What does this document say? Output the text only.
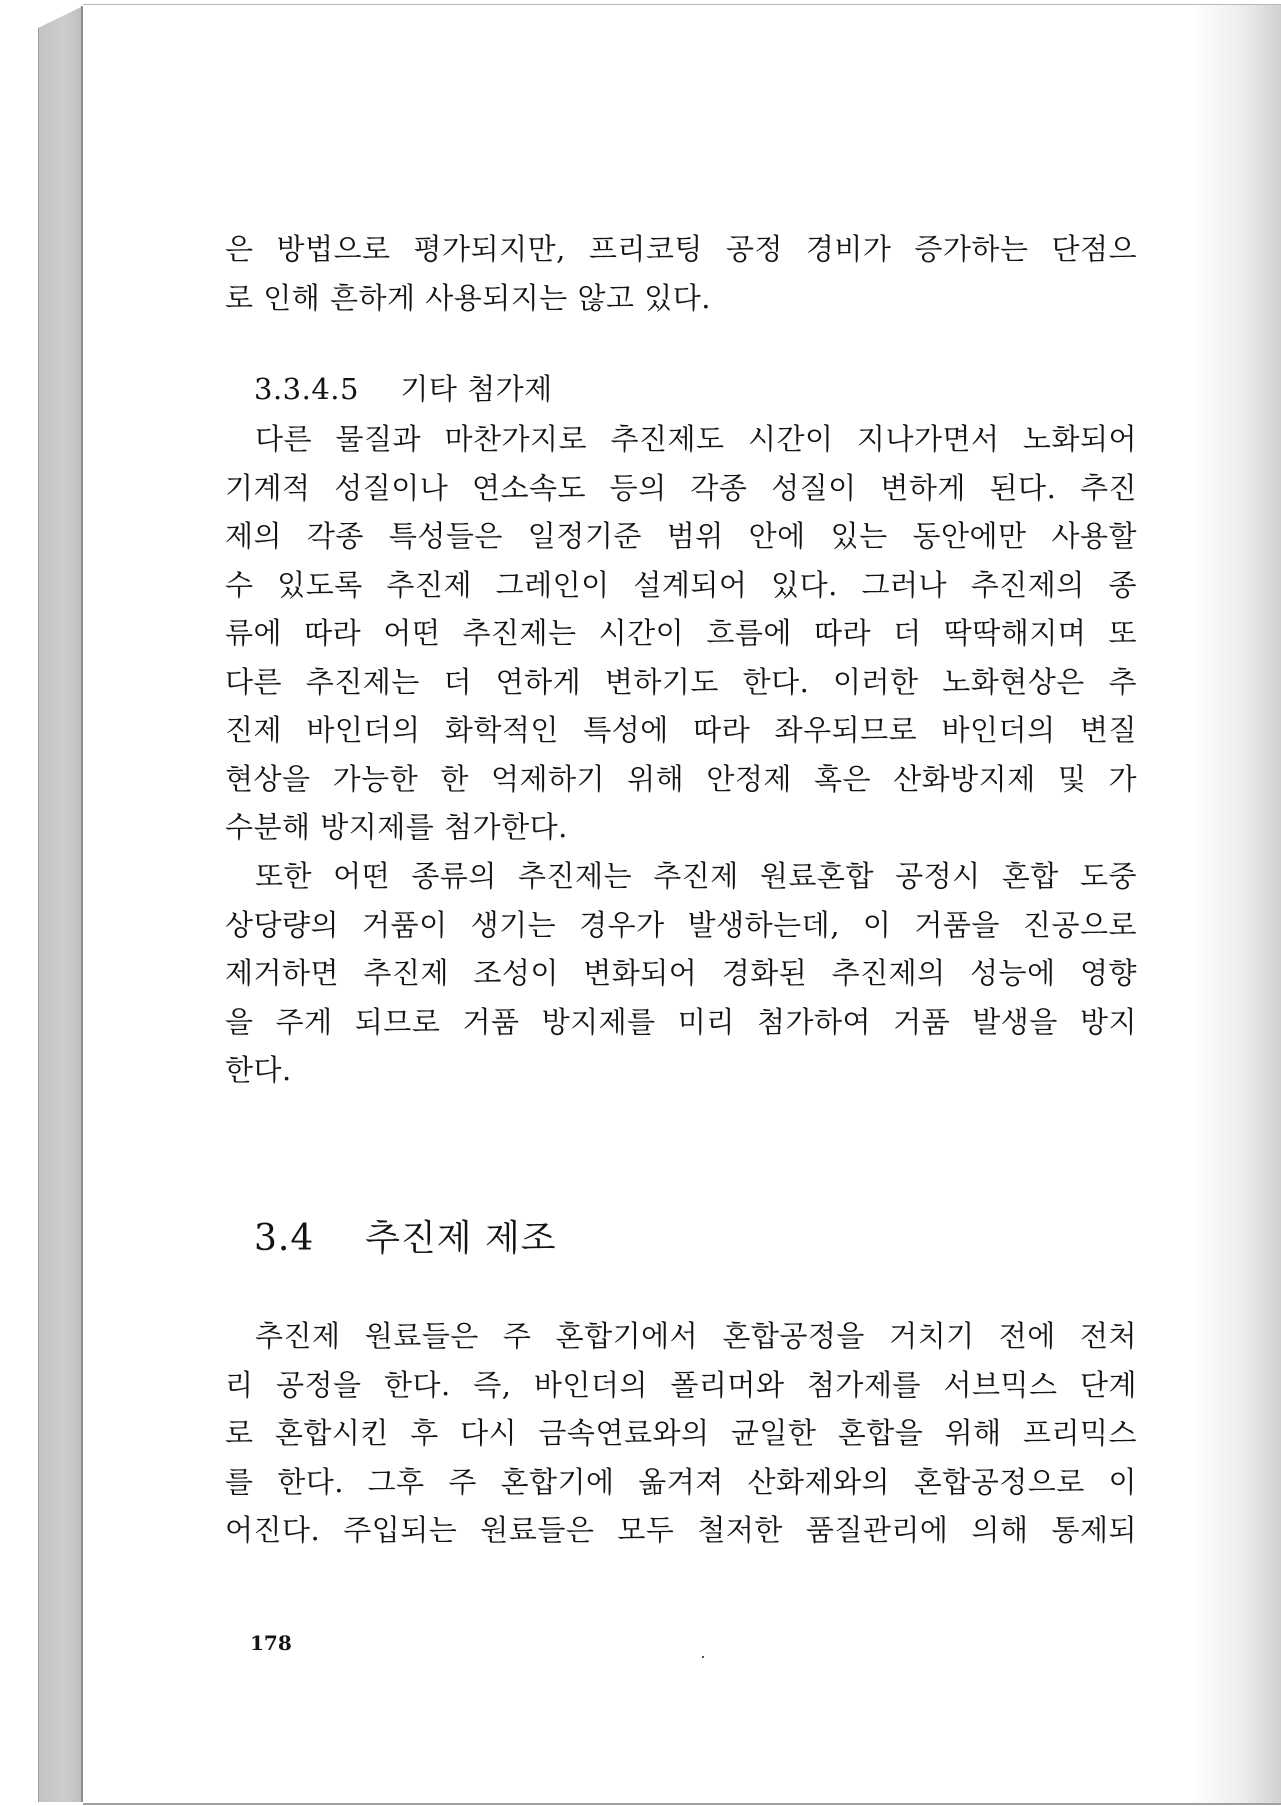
은 방법으로 평가되지만, 프리코팅 공정 경비가 증가하는 단점으

로 인해 흔하게 사용되지는 않고 있다.

3.3.4.5 기타 첨가제

다른 물질과 마찬가지로 추진제도 시간이 지나가면서 노화되어

기계적 성질이나 연소속도 등의 각종 성질이 변하게 된다. 추진

제의 각종 특성들은 일정기준 범위 안에 있는 동안에만 사용할

수 있도록 추진제 그레인이 설계되어 있다. 그러나 추진제의 종

류에 따라 어떤 추진제는 시간이 흐름에 따라 더 딱딱해지며 또

다른 추진제는 더 연하게 변하기도 한다. 이러한 노화현상은 추

진제 바인더의 화학적인 특성에 따라 좌우되므로 바인더의 변질

현상을 가능한 한 억제하기 위해 안정제 혹은 산화방지제 및 가

수분해 방지제를 첨가한다.

또한 어떤 종류의 추진제는 추진제 원료혼합 공정시 혼합 도중

상당량의 거품이 생기는 경우가 발생하는데, 이 거품을 진공으로

제거하면 추진제 조성이 변화되어 경화된 추진제의 성능에 영향

을 주게 되므로 거품 방지제를 미리 첨가하여 거품 발생을 방지

한다.

3.4 추진제 제조

추진제 원료들은 주 혼합기에서 혼합공정을 거치기 전에 전처

리 공정을 한다. 즉, 바인더의 폴리머와 첨가제를 서브믹스 단계

로 혼합시킨 후 다시 금속연료와의 균일한 혼합을 위해 프리믹스

를 한다. 그후 주 혼합기에 옮겨져 산화제와의 혼합공정으로 이

어진다. 주입되는 원료들은 모두 철저한 품질관리에 의해 통제되

178
